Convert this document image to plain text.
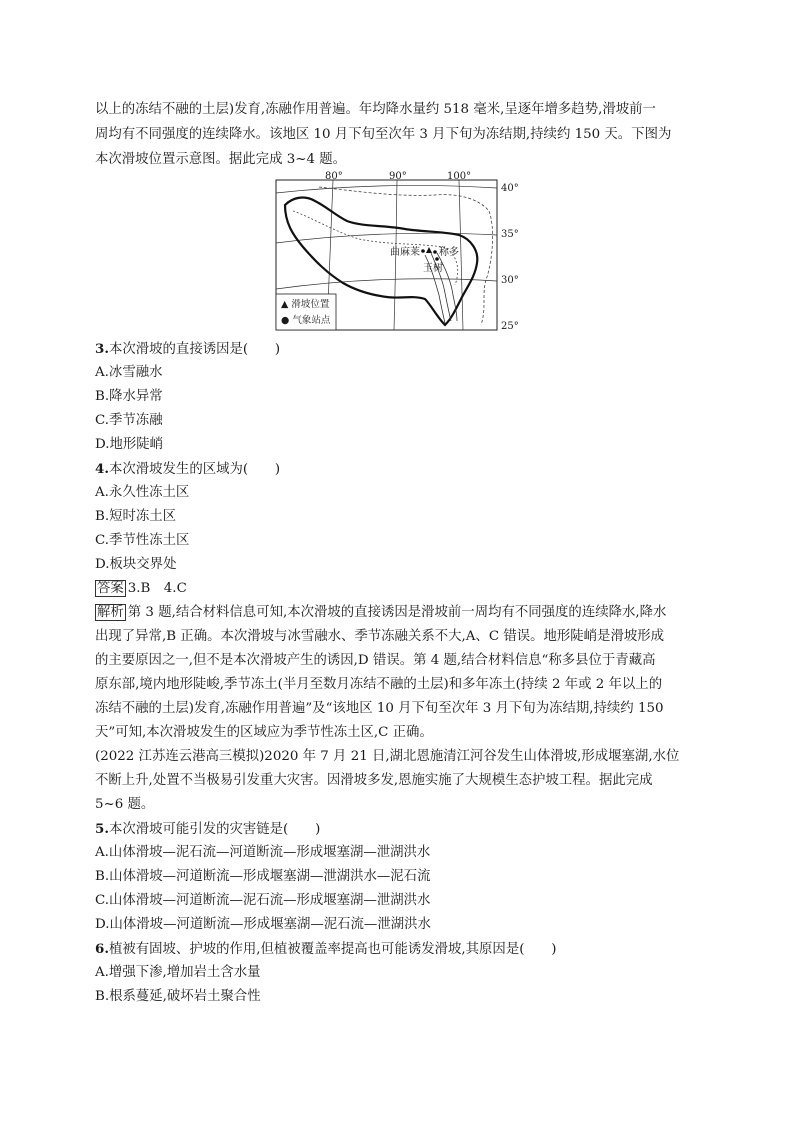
以上的冻结不融的土层)发育,冻融作用普遍。年均降水量约 518 毫米,呈逐年增多趋势,滑坡前一
周均有不同强度的连续降水。该地区 10 月下旬至次年 3 月下旬为冻结期,持续约 150 天。下图为
本次滑坡位置示意图。据此完成 3~4 题。
80°	90°	100°
40°
35°
30°
25°
曲麻莱 称多
玉树
▲ 滑坡位置
● 气象站点
3.本次滑坡的直接诱因是(　　)
A.冰雪融水
B.降水异常
C.季节冻融
D.地形陡峭
4.本次滑坡发生的区域为(　　)
A.永久性冻土区
B.短时冻土区
C.季节性冻土区
D.板块交界处
答案 3.B　4.C
解析 第 3 题,结合材料信息可知,本次滑坡的直接诱因是滑坡前一周均有不同强度的连续降水,降水
出现了异常,B 正确。本次滑坡与冰雪融水、季节冻融关系不大,A、C 错误。地形陡峭是滑坡形成
的主要原因之一,但不是本次滑坡产生的诱因,D 错误。第 4 题,结合材料信息“称多县位于青藏高
原东部,境内地形陡峻,季节冻土(半月至数月冻结不融的土层)和多年冻土(持续 2 年或 2 年以上的
冻结不融的土层)发育,冻融作用普遍”及“该地区 10 月下旬至次年 3 月下旬为冻结期,持续约 150
天”可知,本次滑坡发生的区域应为季节性冻土区,C 正确。
(2022 江苏连云港高三模拟)2020 年 7 月 21 日,湖北恩施清江河谷发生山体滑坡,形成堰塞湖,水位
不断上升,处置不当极易引发重大灾害。因滑坡多发,恩施实施了大规模生态护坡工程。据此完成
5~6 题。
5.本次滑坡可能引发的灾害链是(　　)
A.山体滑坡—泥石流—河道断流—形成堰塞湖—泄湖洪水
B.山体滑坡—河道断流—形成堰塞湖—泄湖洪水—泥石流
C.山体滑坡—河道断流—泥石流—形成堰塞湖—泄湖洪水
D.山体滑坡—河道断流—形成堰塞湖—泥石流—泄湖洪水
6.植被有固坡、护坡的作用,但植被覆盖率提高也可能诱发滑坡,其原因是(　　)
A.增强下渗,增加岩土含水量
B.根系蔓延,破坏岩土聚合性
